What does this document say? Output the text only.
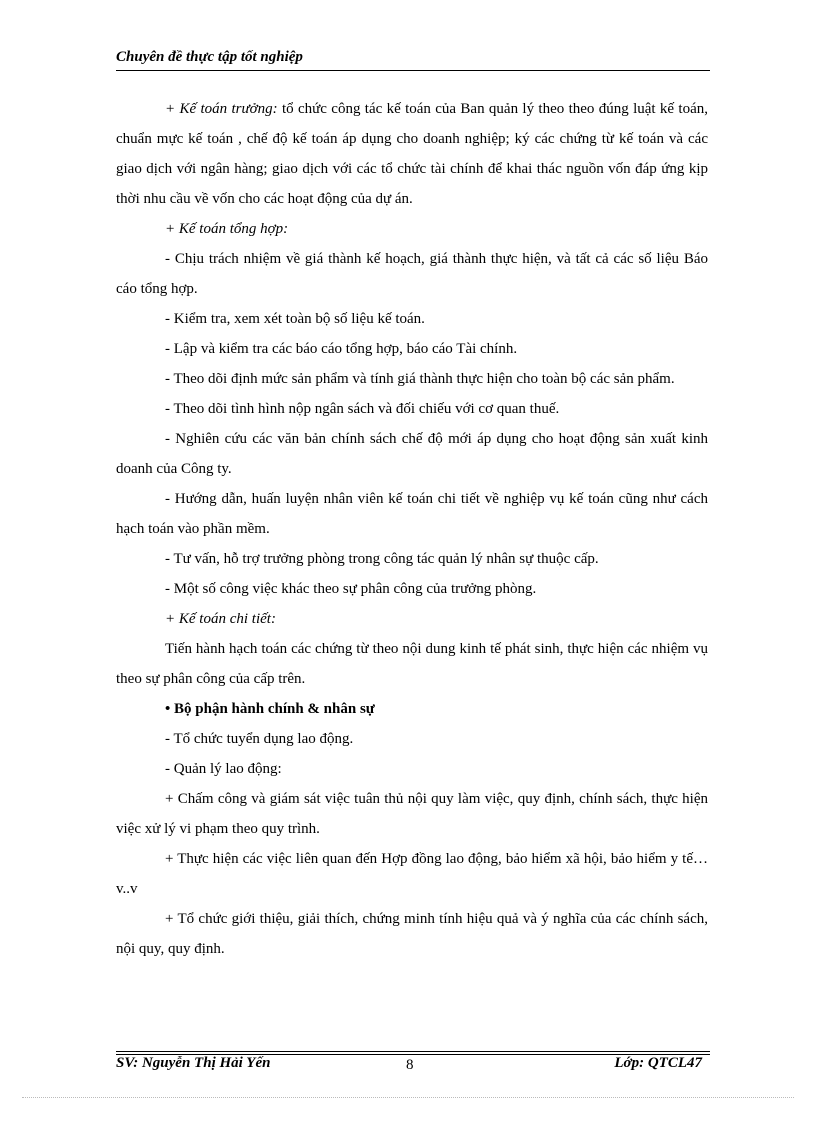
Chuyên đề thực tập tốt nghiệp

+ Kế toán trưởng: tổ chức công tác kế toán của Ban quản lý theo theo đúng luật kế toán, chuẩn mực kế toán , chế độ kế toán áp dụng cho doanh nghiệp; ký các chứng từ kế toán và các giao dịch với ngân hàng; giao dịch với các tổ chức tài chính để khai thác nguồn vốn đáp ứng kịp thời nhu cầu về vốn cho các hoạt động của dự án.

+ Kế toán tổng hợp:

- Chịu trách nhiệm về giá thành kế hoạch, giá thành thực hiện, và tất cả các số liệu Báo cáo tổng hợp.

- Kiểm tra, xem xét toàn bộ số liệu kế toán.

- Lập và kiểm tra các báo cáo tổng hợp, báo cáo Tài chính.

- Theo dõi định mức sản phẩm và tính giá thành thực hiện cho toàn bộ các sản phẩm.

- Theo dõi tình hình nộp ngân sách và đối chiếu với cơ quan thuế.

- Nghiên cứu các văn bản chính sách chế độ mới áp dụng cho hoạt động sản xuất kinh doanh của Công ty.

- Hướng dẫn, huấn luyện nhân viên kế toán chi tiết về nghiệp vụ kế toán cũng như cách hạch toán vào phần mềm.

- Tư vấn, hỗ trợ trưởng phòng trong công tác quản lý nhân sự thuộc cấp.

- Một số công việc khác theo sự phân công của trưởng phòng.

+ Kế toán chi tiết:

Tiến hành hạch toán các chứng từ theo nội dung kinh tế phát sinh, thực hiện các nhiệm vụ theo sự phân công của cấp trên.

• Bộ phận hành chính & nhân sự

- Tổ chức tuyển dụng lao động.

- Quản lý lao động:

+ Chấm công và giám sát việc tuân thủ nội quy làm việc, quy định, chính sách, thực hiện việc xử lý vi phạm theo quy trình.

+ Thực hiện các việc liên quan đến Hợp đồng lao động, bảo hiểm xã hội, bảo hiểm y tế…v..v

+ Tổ chức giới thiệu, giải thích, chứng minh tính hiệu quả và ý nghĩa của các chính sách, nội quy, quy định.

SV: Nguyễn Thị Hải Yến	8	Lớp: QTCL47
